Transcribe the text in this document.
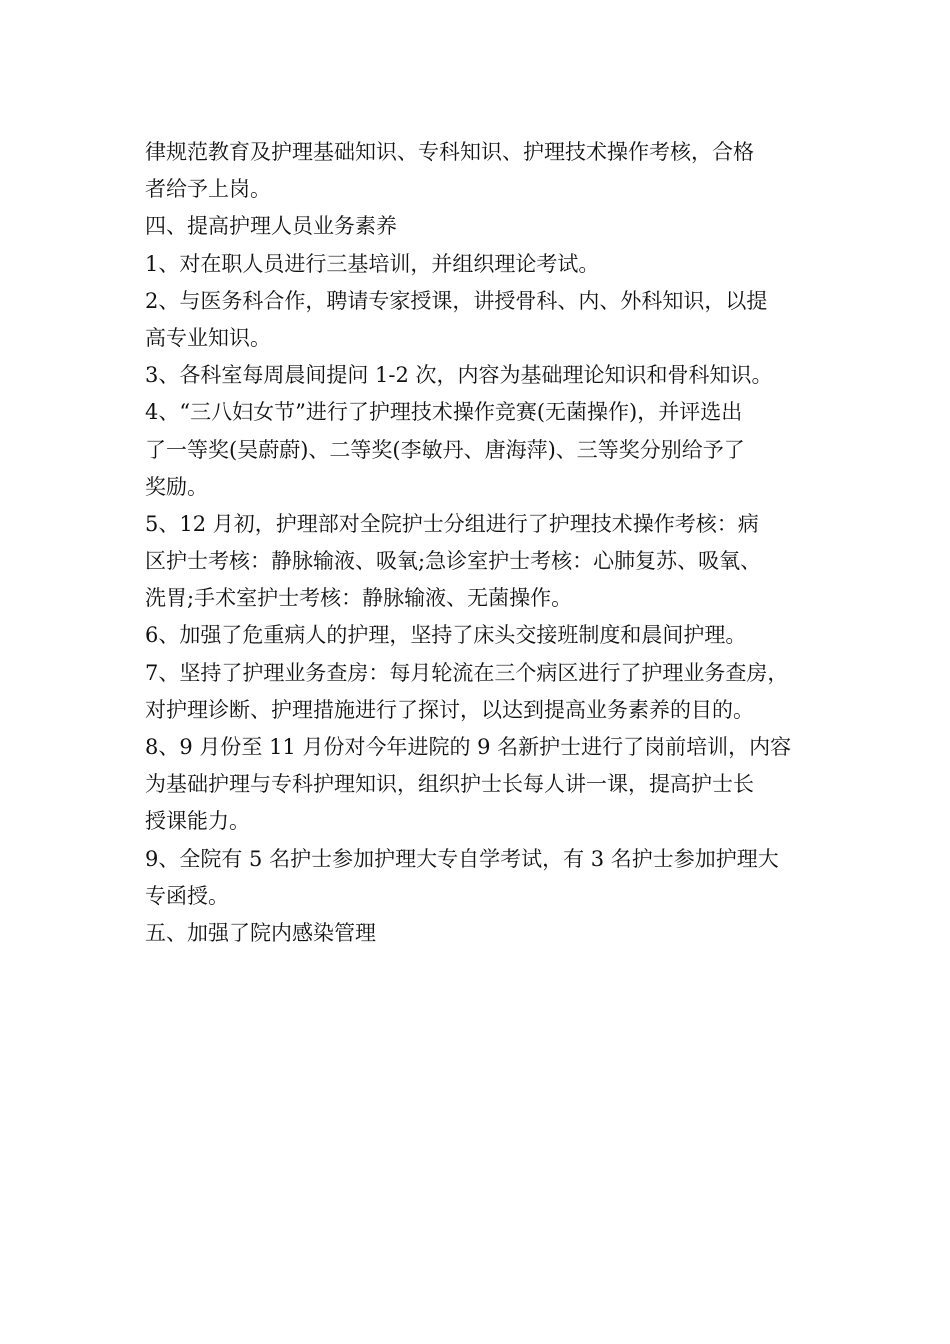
律规范教育及护理基础知识、专科知识、护理技术操作考核，合格
者给予上岗。

四、提高护理人员业务素养

1、对在职人员进行三基培训，并组织理论考试。

2、与医务科合作，聘请专家授课，讲授骨科、内、外科知识，以提
高专业知识。

3、各科室每周晨间提问 1-2 次，内容为基础理论知识和骨科知识。

4、“三八妇女节”进行了护理技术操作竞赛(无菌操作)，并评选出
了一等奖(吴蔚蔚)、二等奖(李敏丹、唐海萍)、三等奖分别给予了
奖励。

5、12 月初，护理部对全院护士分组进行了护理技术操作考核：病
区护士考核：静脉输液、吸氧;急诊室护士考核：心肺复苏、吸氧、
洗胃;手术室护士考核：静脉输液、无菌操作。

6、加强了危重病人的护理，坚持了床头交接班制度和晨间护理。

7、坚持了护理业务查房：每月轮流在三个病区进行了护理业务查房，
对护理诊断、护理措施进行了探讨，以达到提高业务素养的目的。

8、9 月份至 11 月份对今年进院的 9 名新护士进行了岗前培训，内容
为基础护理与专科护理知识，组织护士长每人讲一课，提高护士长
授课能力。

9、全院有 5 名护士参加护理大专自学考试，有 3 名护士参加护理大
专函授。

五、加强了院内感染管理
